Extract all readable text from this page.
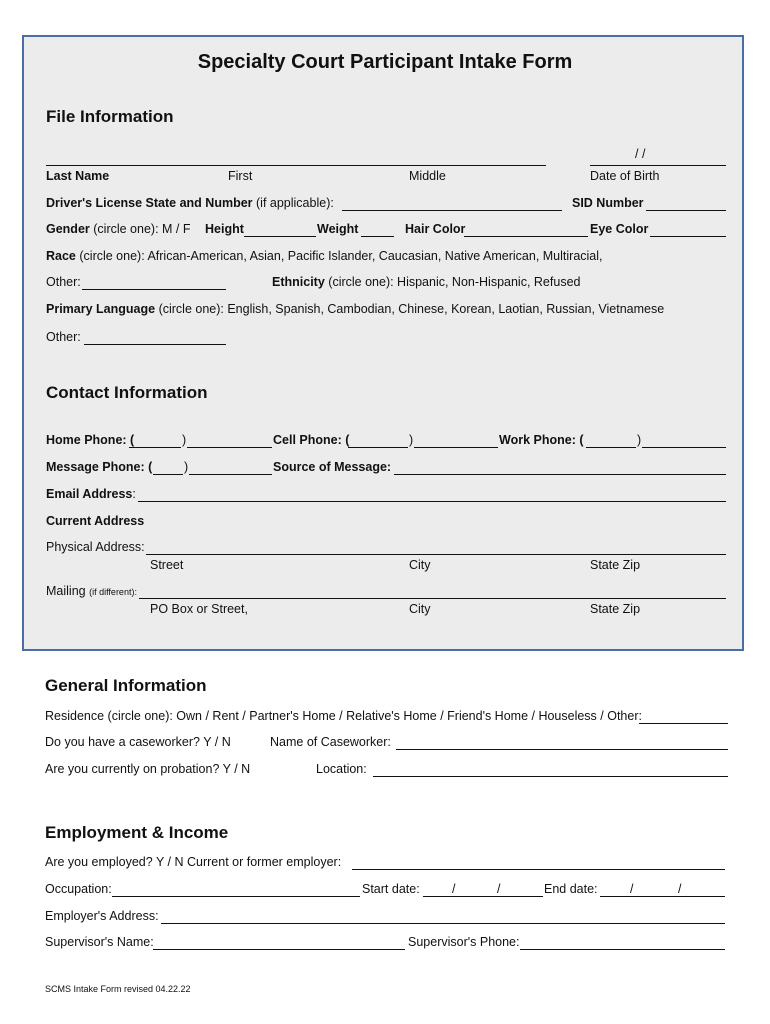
Specialty Court Participant Intake Form
File Information
/ /
Last Name	First	Middle	Date of Birth
Driver's License State and Number (if applicable):	SID Number
Gender (circle one): M / F Height	Weight	Hair Color	Eye Color
Race (circle one): African-American, Asian, Pacific Islander, Caucasian, Native American, Multiracial,
Other:	Ethnicity (circle one): Hispanic, Non-Hispanic, Refused
Primary Language (circle one): English, Spanish, Cambodian, Chinese, Korean, Laotian, Russian, Vietnamese
Other:
Contact Information
Home Phone: (	)	Cell Phone: (	)	Work Phone: (	)
Message Phone: (	)	Source of Message:
Email Address:
Current Address
Physical Address:
Street	City	State Zip
Mailing (if different):
PO Box or Street,	City	State Zip
General Information
Residence (circle one): Own / Rent / Partner's Home / Relative's Home / Friend's Home / Houseless / Other:
Do you have a caseworker? Y / N	Name of Caseworker:
Are you currently on probation? Y / N	Location:
Employment & Income
Are you employed? Y / N Current or former employer:
Occupation:	Start date:	/	/	End date:	/	/
Employer's Address:
Supervisor's Name:	Supervisor's Phone:
SCMS Intake Form revised 04.22.22
